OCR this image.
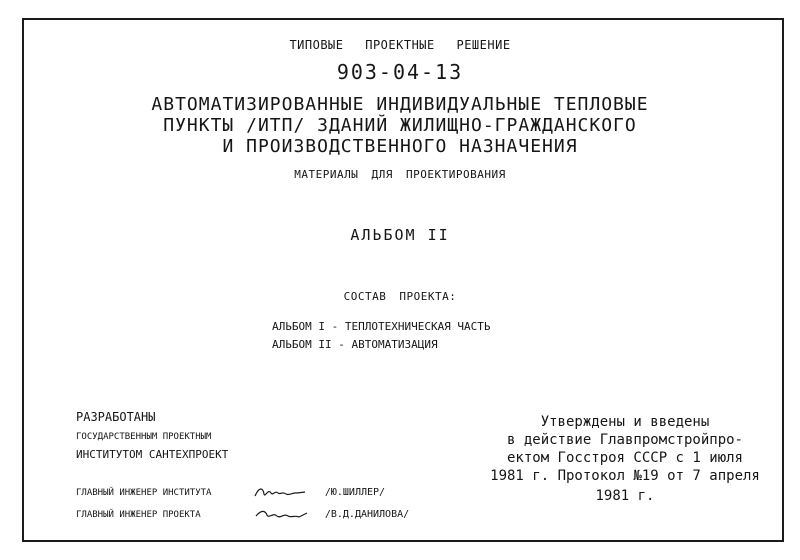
ТИПОВЫЕ ПРОЕКТНЫЕ РЕШЕНИЕ
903-04-13
АВТОМАТИЗИРОВАННЫЕ ИНДИВИДУАЛЬНЫЕ ТЕПЛОВЫЕ
ПУНКТЫ /ИТП/ ЗДАНИЙ ЖИЛИЩНО-ГРАЖДАНСКОГО
И ПРОИЗВОДСТВЕННОГО НАЗНАЧЕНИЯ
МАТЕРИАЛЫ ДЛЯ ПРОЕКТИРОВАНИЯ
АЛЬБОМ II
СОСТАВ ПРОЕКТА:
АЛЬБОМ I - ТЕПЛОТЕХНИЧЕСКАЯ ЧАСТЬ
АЛЬБОМ II - АВТОМАТИЗАЦИЯ
РАЗРАБОТАНЫ
ГОСУДАРСТВЕННЫМ ПРОЕКТНЫМ
ИНСТИТУТОМ САНТЕХПРОЕКТ
ГЛАВНЫЙ ИНЖЕНЕР ИНСТИТУТА	/Ю.ШИЛЛЕР/
ГЛАВНЫЙ ИНЖЕНЕР ПРОЕКТА	/В.Д.ДАНИЛОВА/
Утверждены и введены
в действие Главпромстройпро-
ектом Госстроя СССР с 1 июля
1981 г. Протокол №19 от 7 апреля
1981 г.
